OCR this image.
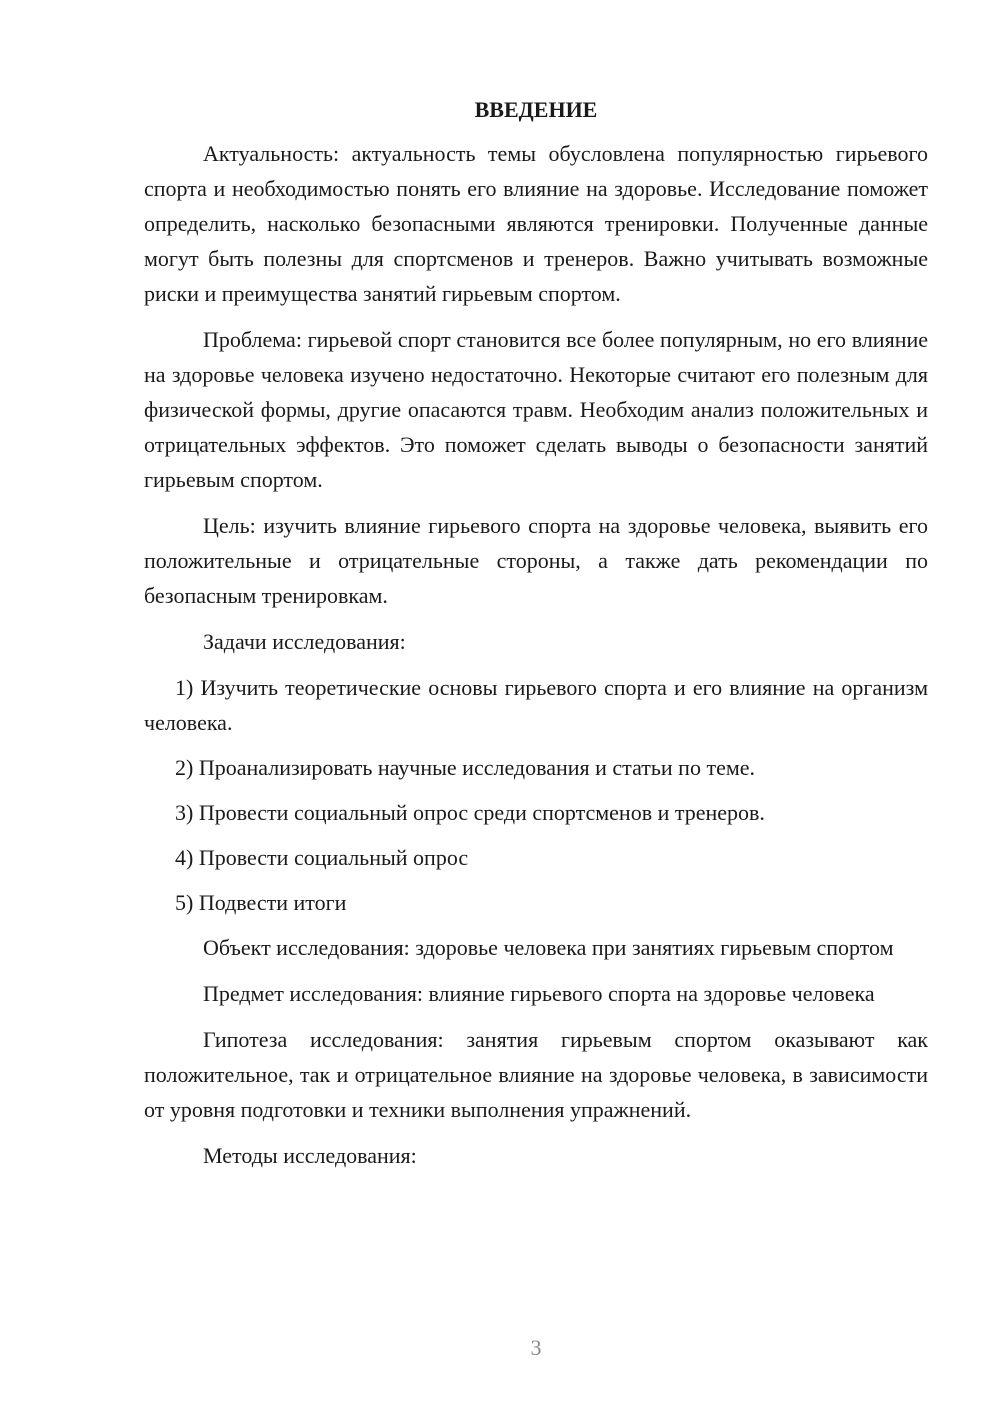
ВВЕДЕНИЕ

Актуальность: актуальность темы обусловлена популярностью гирьевого спорта и необходимостью понять его влияние на здоровье. Исследование поможет определить, насколько безопасными являются тренировки. Полученные данные могут быть полезны для спортсменов и тренеров. Важно учитывать возможные риски и преимущества занятий гирьевым спортом.

Проблема: гирьевой спорт становится все более популярным, но его влияние на здоровье человека изучено недостаточно. Некоторые считают его полезным для физической формы, другие опасаются травм. Необходим анализ положительных и отрицательных эффектов. Это поможет сделать выводы о безопасности занятий гирьевым спортом.

Цель: изучить влияние гирьевого спорта на здоровье человека, выявить его положительные и отрицательные стороны, а также дать рекомендации по безопасным тренировкам.

Задачи исследования:

1) Изучить теоретические основы гирьевого спорта и его влияние на организм человека.

2) Проанализировать научные исследования и статьи по теме.

3) Провести социальный опрос среди спортсменов и тренеров.

4) Провести социальный опрос

5) Подвести итоги

Объект исследования: здоровье человека при занятиях гирьевым спортом

Предмет исследования: влияние гирьевого спорта на здоровье человека

Гипотеза исследования: занятия гирьевым спортом оказывают как положительное, так и отрицательное влияние на здоровье человека, в зависимости от уровня подготовки и техники выполнения упражнений.

Методы исследования:

3
